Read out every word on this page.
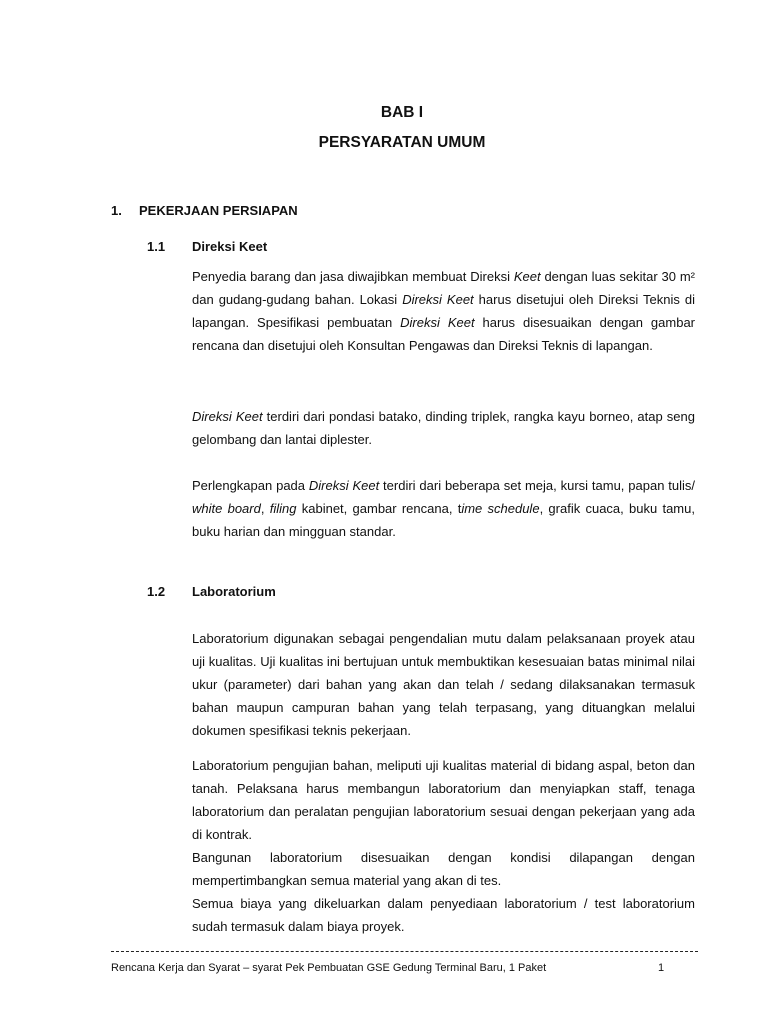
BAB I
PERSYARATAN UMUM
1. PEKERJAAN PERSIAPAN
1.1 Direksi Keet
Penyedia barang dan jasa diwajibkan membuat Direksi Keet dengan luas sekitar 30 m² dan gudang-gudang bahan. Lokasi Direksi Keet harus disetujui oleh Direksi Teknis di lapangan. Spesifikasi pembuatan Direksi Keet harus disesuaikan dengan gambar rencana dan disetujui oleh Konsultan Pengawas dan Direksi Teknis di lapangan.
Direksi Keet terdiri dari pondasi batako, dinding triplek, rangka kayu borneo, atap seng gelombang dan lantai diplester.
Perlengkapan pada Direksi Keet terdiri dari beberapa set meja, kursi tamu, papan tulis/ white board, filing kabinet, gambar rencana, time schedule, grafik cuaca, buku tamu, buku harian dan mingguan standar.
1.2 Laboratorium
Laboratorium digunakan sebagai pengendalian mutu dalam pelaksanaan proyek atau uji kualitas. Uji kualitas ini bertujuan untuk membuktikan kesesuaian batas minimal nilai ukur (parameter) dari bahan yang akan dan telah / sedang dilaksanakan termasuk bahan maupun campuran bahan yang telah terpasang, yang dituangkan melalui dokumen spesifikasi teknis pekerjaan.
Laboratorium pengujian bahan, meliputi uji kualitas material di bidang aspal, beton dan tanah. Pelaksana harus membangun laboratorium dan menyiapkan staff, tenaga laboratorium dan peralatan pengujian laboratorium sesuai dengan pekerjaan yang ada di kontrak.
Bangunan laboratorium disesuaikan dengan kondisi dilapangan dengan mempertimbangkan semua material yang akan di tes.
Semua biaya yang dikeluarkan dalam penyediaan laboratorium / test laboratorium sudah termasuk dalam biaya proyek.
Rencana Kerja dan Syarat – syarat Pek Pembuatan GSE Gedung Terminal Baru, 1 Paket	1
